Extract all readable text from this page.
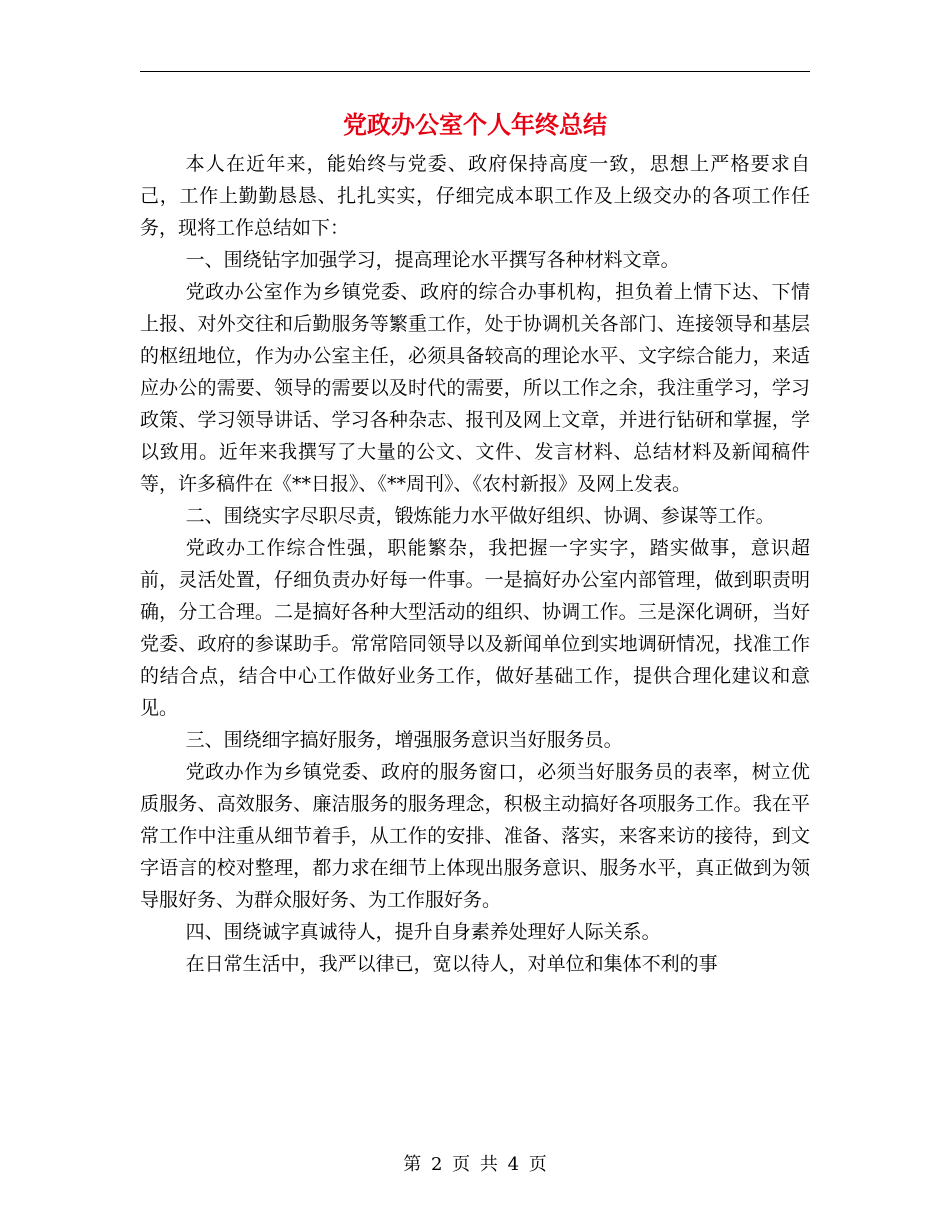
党政办公室个人年终总结

本人在近年来，能始终与党委、政府保持高度一致，思想上严格要求自己，工作上勤勤恳恳、扎扎实实，仔细完成本职工作及上级交办的各项工作任务，现将工作总结如下：

一、围绕钻字加强学习，提高理论水平撰写各种材料文章。

党政办公室作为乡镇党委、政府的综合办事机构，担负着上情下达、下情上报、对外交往和后勤服务等繁重工作，处于协调机关各部门、连接领导和基层的枢纽地位，作为办公室主任，必须具备较高的理论水平、文字综合能力，来适应办公的需要、领导的需要以及时代的需要，所以工作之余，我注重学习，学习政策、学习领导讲话、学习各种杂志、报刊及网上文章，并进行钻研和掌握，学以致用。近年来我撰写了大量的公文、文件、发言材料、总结材料及新闻稿件等，许多稿件在《**日报》、《**周刊》、《农村新报》及网上发表。

二、围绕实字尽职尽责，锻炼能力水平做好组织、协调、参谋等工作。

党政办工作综合性强，职能繁杂，我把握一字实字，踏实做事，意识超前，灵活处置，仔细负责办好每一件事。一是搞好办公室内部管理，做到职责明确，分工合理。二是搞好各种大型活动的组织、协调工作。三是深化调研，当好党委、政府的参谋助手。常常陪同领导以及新闻单位到实地调研情况，找准工作的结合点，结合中心工作做好业务工作，做好基础工作，提供合理化建议和意见。

三、围绕细字搞好服务，增强服务意识当好服务员。

党政办作为乡镇党委、政府的服务窗口，必须当好服务员的表率，树立优质服务、高效服务、廉洁服务的服务理念，积极主动搞好各项服务工作。我在平常工作中注重从细节着手，从工作的安排、准备、落实，来客来访的接待，到文字语言的校对整理，都力求在细节上体现出服务意识、服务水平，真正做到为领导服好务、为群众服好务、为工作服好务。

四、围绕诚字真诚待人，提升自身素养处理好人际关系。

在日常生活中，我严以律已，宽以待人，对单位和集体不利的事

第 2 页 共 4 页
